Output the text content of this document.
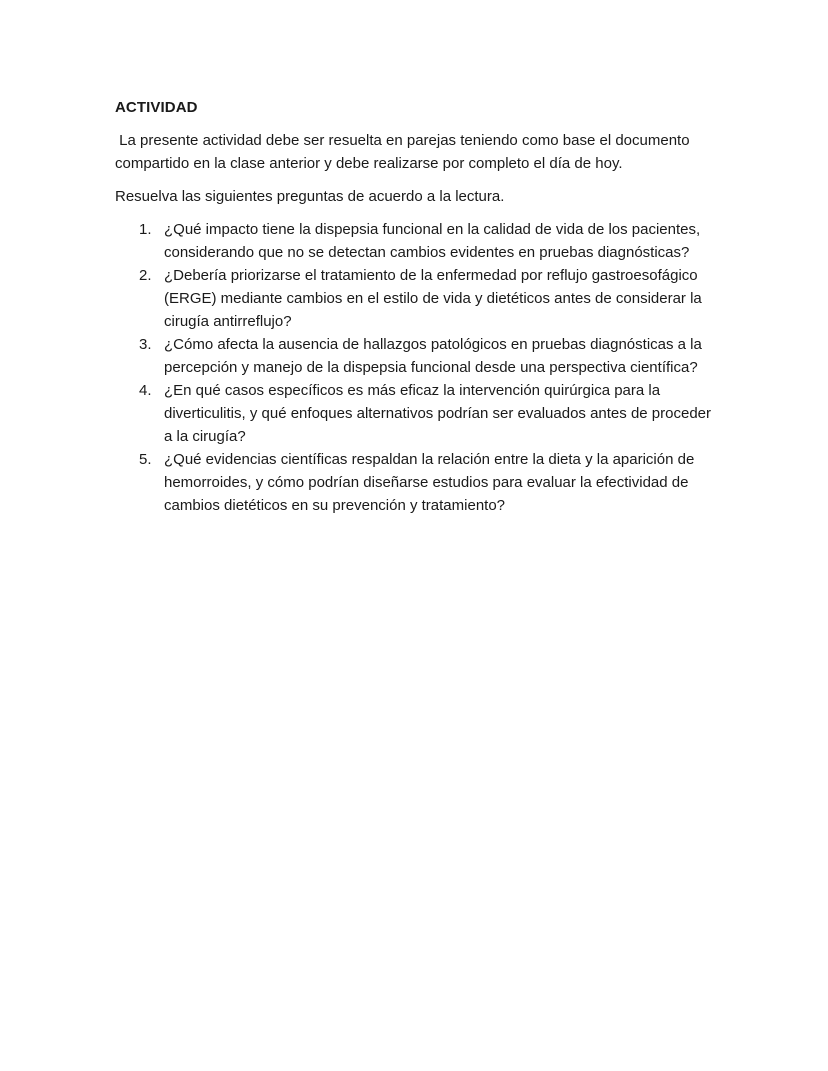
ACTIVIDAD

La presente actividad debe ser resuelta en parejas teniendo como base el documento compartido en la clase anterior y debe realizarse por completo el día de hoy.

Resuelva las siguientes preguntas de acuerdo a la lectura.

1. ¿Qué impacto tiene la dispepsia funcional en la calidad de vida de los pacientes, considerando que no se detectan cambios evidentes en pruebas diagnósticas?
2. ¿Debería priorizarse el tratamiento de la enfermedad por reflujo gastroesofágico (ERGE) mediante cambios en el estilo de vida y dietéticos antes de considerar la cirugía antirreflujo?
3. ¿Cómo afecta la ausencia de hallazgos patológicos en pruebas diagnósticas a la percepción y manejo de la dispepsia funcional desde una perspectiva científica?
4. ¿En qué casos específicos es más eficaz la intervención quirúrgica para la diverticulitis, y qué enfoques alternativos podrían ser evaluados antes de proceder a la cirugía?
5. ¿Qué evidencias científicas respaldan la relación entre la dieta y la aparición de hemorroides, y cómo podrían diseñarse estudios para evaluar la efectividad de cambios dietéticos en su prevención y tratamiento?
